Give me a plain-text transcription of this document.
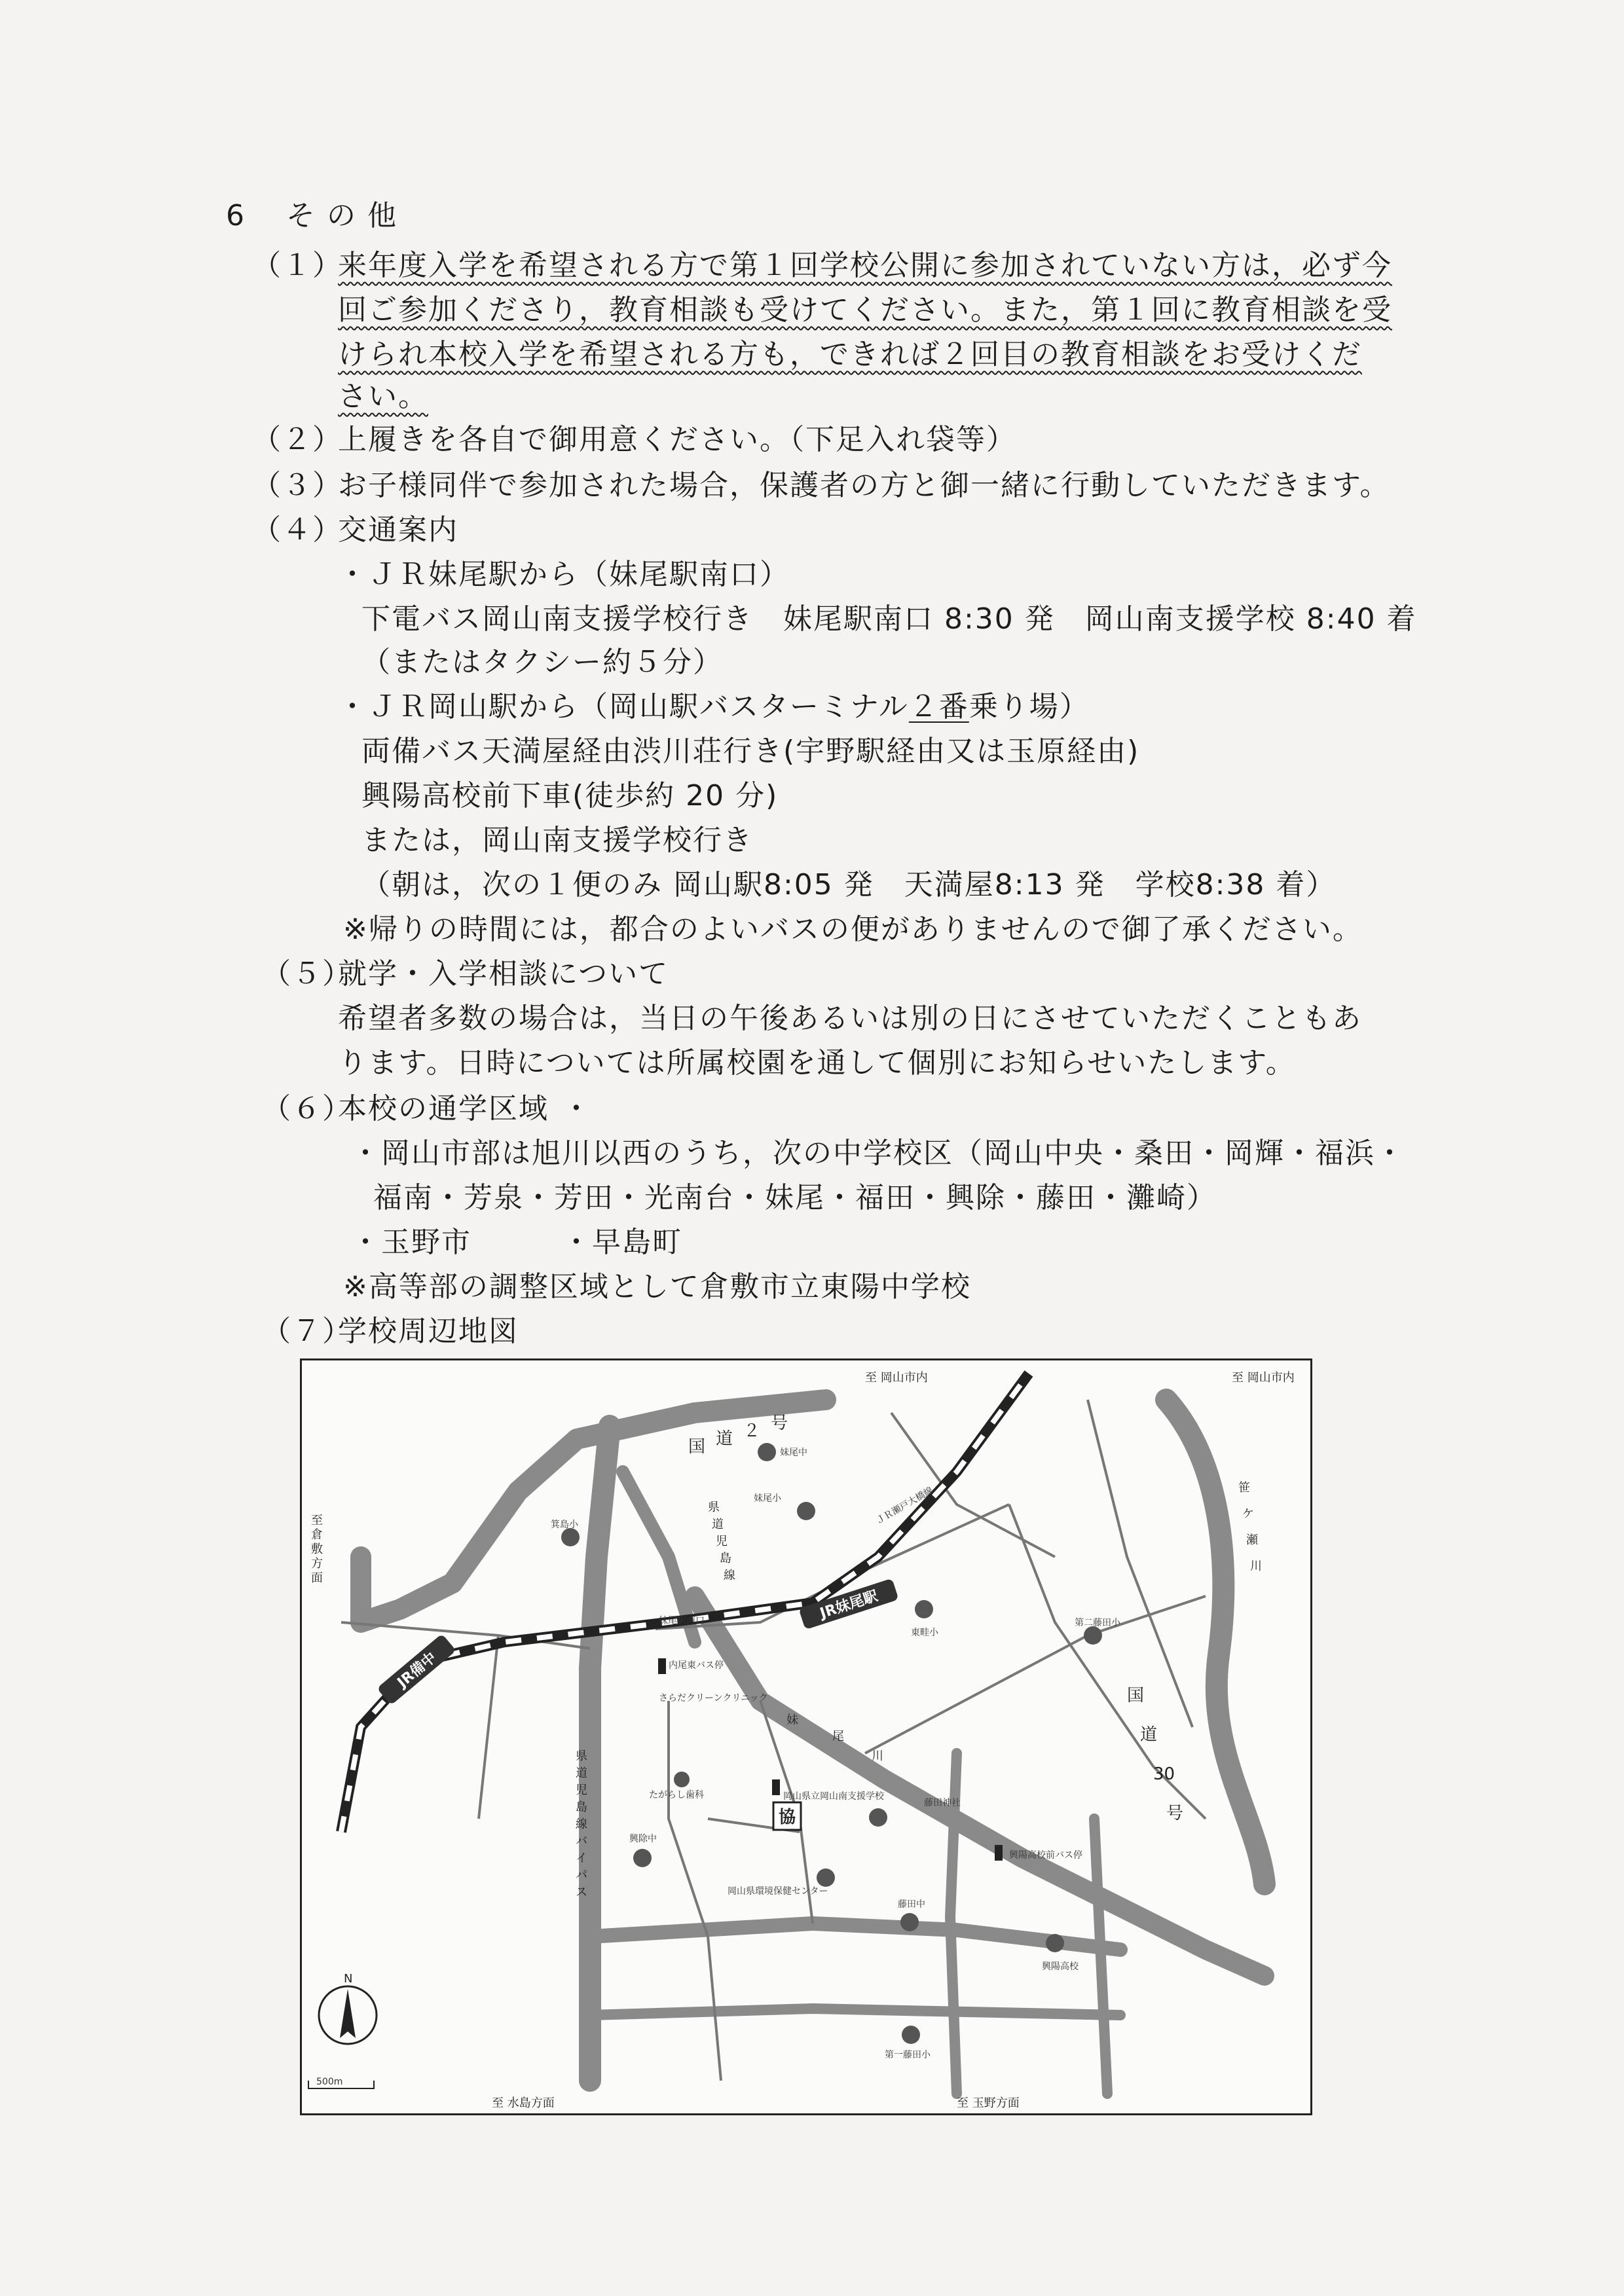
6 そ の 他
（１）
来年度入学を希望される方で第１回学校公開に参加されていない方は，必ず今
回ご参加くださり，教育相談も受けてください。また，第１回に教育相談を受
けられ本校入学を希望される方も，できれば２回目の教育相談をお受けくだ
さい。
（２）
上履きを各自で御用意ください。（下足入れ袋等）
（３）
お子様同伴で参加された場合，保護者の方と御一緒に行動していただきます。
（４）
交通案内
・ＪＲ妹尾駅から（妹尾駅南口）
下電バス岡山南支援学校行き　妹尾駅南口 8:30 発　岡山南支援学校 8:40 着
（またはタクシー約５分）
・ＪＲ岡山駅から（岡山駅バスターミナル２番乗り場）
両備バス天満屋経由渋川荘行き(宇野駅経由又は玉原経由)
興陽高校前下車(徒歩約 20 分)
または，岡山南支援学校行き
（朝は，次の１便のみ 岡山駅8:05 発　天満屋8:13 発　学校8:38 着）
※帰りの時間には，都合のよいバスの便がありませんので御了承ください。
（５）
就学・入学相談について
希望者多数の場合は，当日の午後あるいは別の日にさせていただくこともあ
ります。日時については所属校園を通して個別にお知らせいたします。
（６）
本校の通学区域 ・
・岡山市部は旭川以西のうち，次の中学校区（岡山中央・桑田・岡輝・福浜・
福南・芳泉・芳田・光南台・妹尾・福田・興除・藤田・灘崎）
・玉野市　　　・早島町
※高等部の調整区域として倉敷市立東陽中学校
（７）
学校周辺地図
JR妹尾駅
JR備中
協
N
500m
至 岡山市内	至 岡山市内
至
倉
敷
方
面
至 水島方面	至 玉野方面
国 道 ２ 号
国
道
30
号
県
道
児
島
線
バ
イ
パ
ス
県
道
児
島
線
ＪＲ瀬戸大橋線	笹
ケ
瀬
川
妹
尾
川
妹尾中
妹尾小
箕島小
東畦小
第二藤田小
妹尾駅南口
内尾東バス停
さらだクリーンクリニック
たがらし歯科	岡山県立岡山南支援学校
藤田神社
興除中
岡山県環境保健センター
藤田中
興陽高校前バス停
興陽高校
第一藤田小
